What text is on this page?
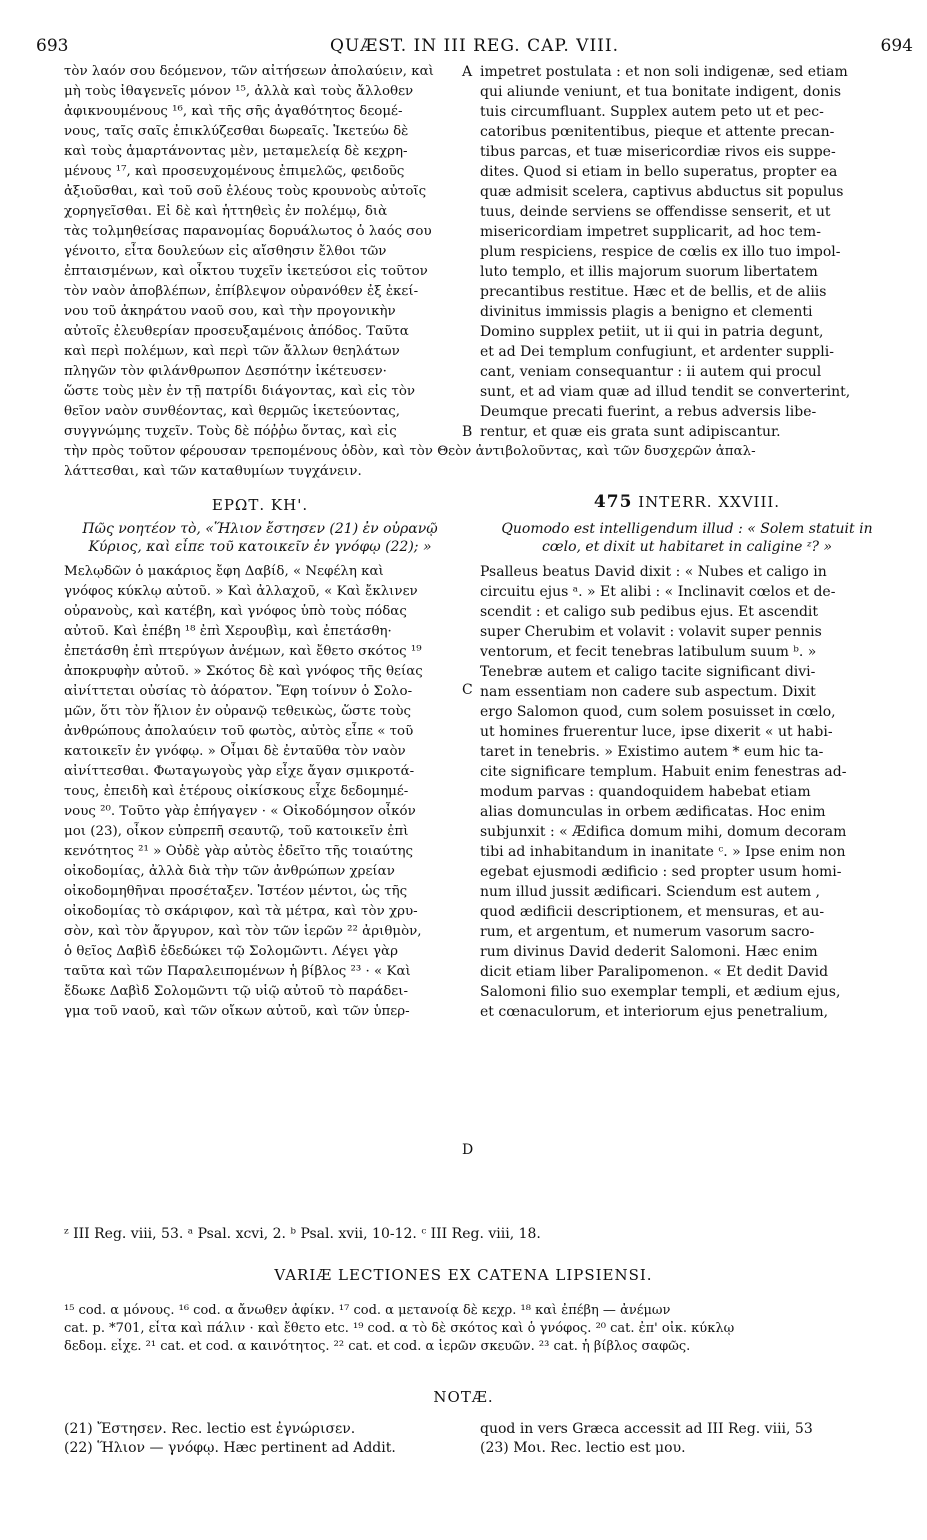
693	QUÆST. IN III REG. CAP. VIII.	694
τὸν λαόν σου δεόμενον, τῶν αἰτήσεων ἀπολαύειν, καὶ
μὴ τοὺς ἰθαγενεῖς μόνον ¹⁵, ἀλλὰ καὶ τοὺς ἄλλοθεν
ἀφικνουμένους ¹⁶, καὶ τῆς σῆς ἀγαθότητος δεομέ-
νους, ταῖς σαῖς ἐπικλύζεσθαι δωρεαῖς. Ἱκετεύω δὲ
καὶ τοὺς ἁμαρτάνοντας μὲν, μεταμελείᾳ δὲ κεχρη-
μένους ¹⁷, καὶ προσευχομένους ἐπιμελῶς, φειδοῦς
ἀξιοῦσθαι, καὶ τοῦ σοῦ ἐλέους τοὺς κρουνοὺς αὐτοῖς
χορηγεῖσθαι. Εἰ δὲ καὶ ἡττηθεὶς ἐν πολέμῳ, διὰ
τὰς τολμηθείσας παρανομίας δορυάλωτος ὁ λαός σου
γένοιτο, εἶτα δουλεύων εἰς αἴσθησιν ἔλθοι τῶν
ἐπταισμένων, καὶ οἶκτου τυχεῖν ἱκετεύσοι εἰς τοῦτον
τὸν ναὸν ἀποβλέπων, ἐπίβλεψον οὐρανόθεν ἐξ ἐκεί-
νου τοῦ ἀκηράτου ναοῦ σου, καὶ τὴν προγονικὴν
αὐτοῖς ἐλευθερίαν προσευξαμένοις ἀπόδος. Ταῦτα
καὶ περὶ πολέμων, καὶ περὶ τῶν ἄλλων θεηλάτων
πληγῶν τὸν φιλάνθρωπον Δεσπότην ἱκέτευσεν·
ὥστε τοὺς μὲν ἐν τῇ πατρίδι διάγοντας, καὶ εἰς τὸν
θεῖον ναὸν συνθέοντας, καὶ θερμῶς ἱκετεύοντας,
συγγνώμης τυχεῖν. Τοὺς δὲ πόῤῥω ὄντας, καὶ εἰς
impetret postulata : et non soli indigenæ, sed etiam
qui aliunde veniunt, et tua bonitate indigent, donis
tuis circumfluant. Supplex autem peto ut et pec-
catoribus pœnitentibus, pieque et attente precan-
tibus parcas, et tuæ misericordiæ rivos eis suppe-
dites. Quod si etiam in bello superatus, propter ea
quæ admisit scelera, captivus abductus sit populus
tuus, deinde serviens se offendisse senserit, et ut
misericordiam impetret supplicarit, ad hoc tem-
plum respiciens, respice de cœlis ex illo tuo impol-
luto templo, et illis majorum suorum libertatem
precantibus restitue. Hæc et de bellis, et de aliis
divinitus immissis plagis a benigno et clementi
Domino supplex petiit, ut ii qui in patria degunt,
et ad Dei templum confugiunt, et ardenter suppli-
cant, veniam consequantur : ii autem qui procul
sunt, et ad viam quæ ad illud tendit se converterint,
Deumque precati fuerint, a rebus adversis libe-
rentur, et quæ eis grata sunt adipiscantur.
A
B
C
D
τὴν πρὸς τοῦτον φέρουσαν τρεπομένους ὁδὸν, καὶ τὸν Θεὸν ἀντιβολοῦντας, καὶ τῶν δυσχερῶν ἀπαλ-
λάττεσθαι, καὶ τῶν καταθυμίων τυγχάνειν.
ΕΡΩΤ. ΚΗ'.	475 INTERR. XXVIII.
Πῶς νοητέον τὸ, «Ἥλιον ἔστησεν (21) ἐν οὐρανῷ
Κύριος, καὶ εἶπε τοῦ κατοικεῖν ἐν γνόφῳ (22); »
Quomodo est intelligendum illud : « Solem statuit in
cœlo, et dixit ut habitaret in caligine ᶻ? »
Μελῳδῶν ὁ μακάριος ἔφη Δαβίδ, « Νεφέλη καὶ
γνόφος κύκλῳ αὐτοῦ. » Καὶ ἀλλαχοῦ, « Καὶ ἔκλινεν
οὐρανοὺς, καὶ κατέβη, καὶ γνόφος ὑπὸ τοὺς πόδας
αὐτοῦ. Καὶ ἐπέβη ¹⁸ ἐπὶ Χερουβὶμ, καὶ ἐπετάσθη·
ἐπετάσθη ἐπὶ πτερύγων ἀνέμων, καὶ ἔθετο σκότος ¹⁹
ἀποκρυφὴν αὐτοῦ. » Σκότος δὲ καὶ γνόφος τῆς θείας
αἰνίττεται οὐσίας τὸ ἀόρατον. Ἔφη τοίνυν ὁ Σολο-
μῶν, ὅτι τὸν ἥλιον ἐν οὐρανῷ τεθεικὼς, ὥστε τοὺς
ἀνθρώπους ἀπολαύειν τοῦ φωτὸς, αὐτὸς εἶπε « τοῦ
κατοικεῖν ἐν γνόφῳ. » Οἶμαι δὲ ἐνταῦθα τὸν ναὸν
αἰνίττεσθαι. Φωταγωγοὺς γὰρ εἶχε ἄγαν σμικροτά-
τους, ἐπειδὴ καὶ ἑτέρους οἰκίσκους εἶχε δεδομημέ-
νους ²⁰. Τοῦτο γὰρ ἐπήγαγεν · « Οἰκοδόμησον οἶκόν
μοι (23), οἶκον εὐπρεπῆ σεαυτῷ, τοῦ κατοικεῖν ἐπὶ
κενότητος ²¹ » Οὐδὲ γὰρ αὐτὸς ἐδεῖτο τῆς τοιαύτης
οἰκοδομίας, ἀλλὰ διὰ τὴν τῶν ἀνθρώπων χρείαν
οἰκοδομηθῆναι προσέταξεν. Ἰστέον μέντοι, ὡς τῆς
οἰκοδομίας τὸ σκάριφον, καὶ τὰ μέτρα, καὶ τὸν χρυ-
σὸν, καὶ τὸν ἄργυρον, καὶ τὸν τῶν ἱερῶν ²² ἀριθμὸν,
ὁ θεῖος Δαβὶδ ἐδεδώκει τῷ Σολομῶντι. Λέγει γὰρ
ταῦτα καὶ τῶν Παραλειπομένων ἡ βίβλος ²³ · « Καὶ
ἔδωκε Δαβὶδ Σολομῶντι τῷ υἱῷ αὐτοῦ τὸ παράδει-
γμα τοῦ ναοῦ, καὶ τῶν οἴκων αὐτοῦ, καὶ τῶν ὑπερ-
Psalleus beatus David dixit : « Nubes et caligo in
circuitu ejus ᵃ. » Et alibi : « Inclinavit cœlos et de-
scendit : et caligo sub pedibus ejus. Et ascendit
super Cherubim et volavit : volavit super pennis
ventorum, et fecit tenebras latibulum suum ᵇ. »
Tenebræ autem et caligo tacite significant divi-
nam essentiam non cadere sub aspectum. Dixit
ergo Salomon quod, cum solem posuisset in cœlo,
ut homines fruerentur luce, ipse dixerit « ut habi-
taret in tenebris. » Existimo autem * eum hic ta-
cite significare templum. Habuit enim fenestras ad-
modum parvas : quandoquidem habebat etiam
alias domunculas in orbem ædificatas. Hoc enim
subjunxit : « Ædifica domum mihi, domum decoram
tibi ad inhabitandum in inanitate ᶜ. » Ipse enim non
egebat ejusmodi ædificio : sed propter usum homi-
num illud jussit ædificari. Sciendum est autem ,
quod ædificii descriptionem, et mensuras, et au-
rum, et argentum, et numerum vasorum sacro-
rum divinus David dederit Salomoni. Hæc enim
dicit etiam liber Paralipomenon. « Et dedit David
Salomoni filio suo exemplar templi, et ædium ejus,
et cœnaculorum, et interiorum ejus penetralium,
ᶻ III Reg. viii, 53. ᵃ Psal. xcvi, 2. ᵇ Psal. xvii, 10-12. ᶜ III Reg. viii, 18.
VARIÆ LECTIONES EX CATENA LIPSIENSI.
¹⁵ cod. α μόνους. ¹⁶ cod. α ἄνωθεν ἀφίκν. ¹⁷ cod. α μετανοίᾳ δὲ κεχρ. ¹⁸ καὶ ἐπέβη — ἀνέμων
cat. p. *701, εἶτα καὶ πάλιν · καὶ ἔθετο etc. ¹⁹ cod. α τὸ δὲ σκότος καὶ ὁ γνόφος. ²⁰ cat. ἐπ' οἰκ. κύκλῳ
δεδομ. εἶχε. ²¹ cat. et cod. α καινότητος. ²² cat. et cod. α ἱερῶν σκευῶν. ²³ cat. ἡ βίβλος σαφῶς.
NOTÆ.
(21) Ἔστησεν. Rec. lectio est ἐγνώρισεν.
(22) Ἥλιον — γνόφῳ. Hæc pertinent ad Addit.
quod in vers Græca accessit ad III Reg. viii, 53
(23) Μοι. Rec. lectio est μου.
